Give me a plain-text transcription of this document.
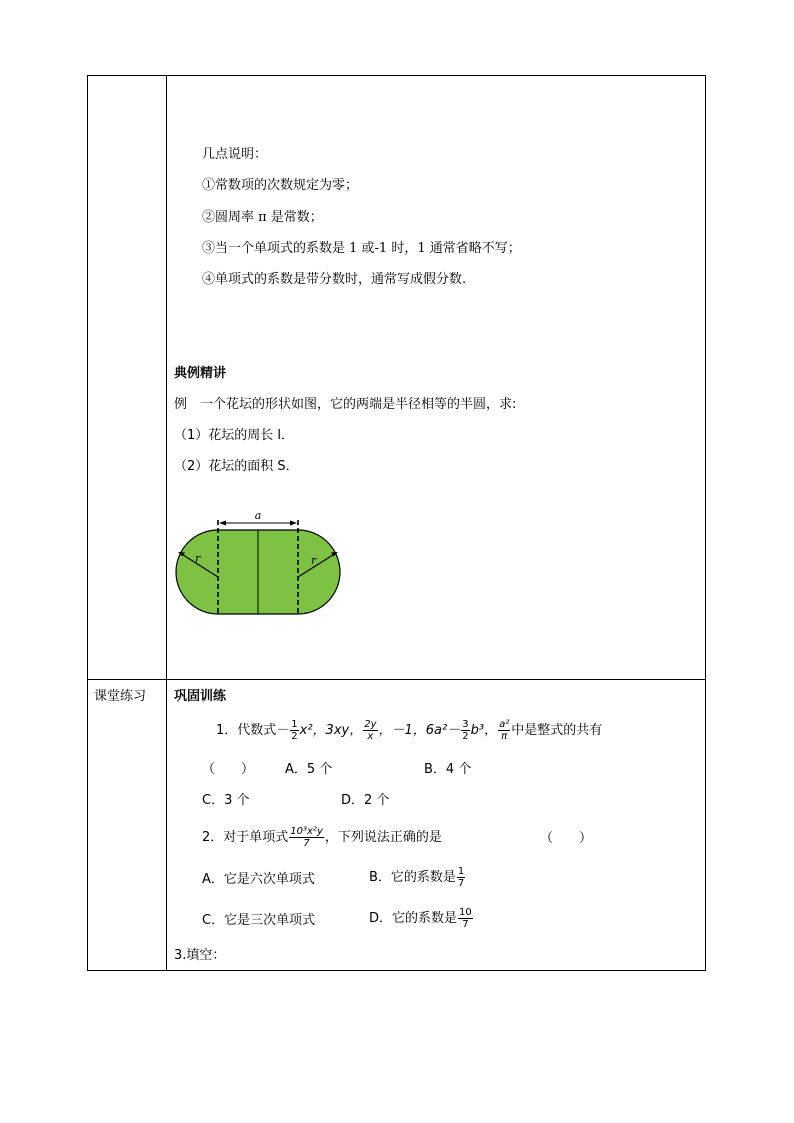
几点说明：
①常数项的次数规定为零；
②圆周率 π 是常数；
③当一个单项式的系数是 1 或-1 时，1 通常省略不写；
④单项式的系数是带分数时，通常写成假分数.
典例精讲
例　一个花坛的形状如图，它的两端是半径相等的半圆，求:
（1）花坛的周长 l．
（2）花坛的面积 S．
a
r	r
课堂练习 巩固训练
1．代数式－ $\frac{1}{2} x^2$，3xy， $\frac{2y}{x}$ ，－1，$6a^2- \frac{3}{2} b^3$， $\frac{\text{a²}}{\pi}$ 中是整式的共有
（　　） A．5 个	B．4 个
C．3 个	D．2 个
2．对于单项式 $\frac{\text{10³x²y}}{7}$ ，下列说法正确的是	（　　）
A．它是六次单项式	B．它的系数是 $\frac{1}{7}$
C．它是三次单项式	D．它的系数是 $\frac{10}{7}$
3.填空：
